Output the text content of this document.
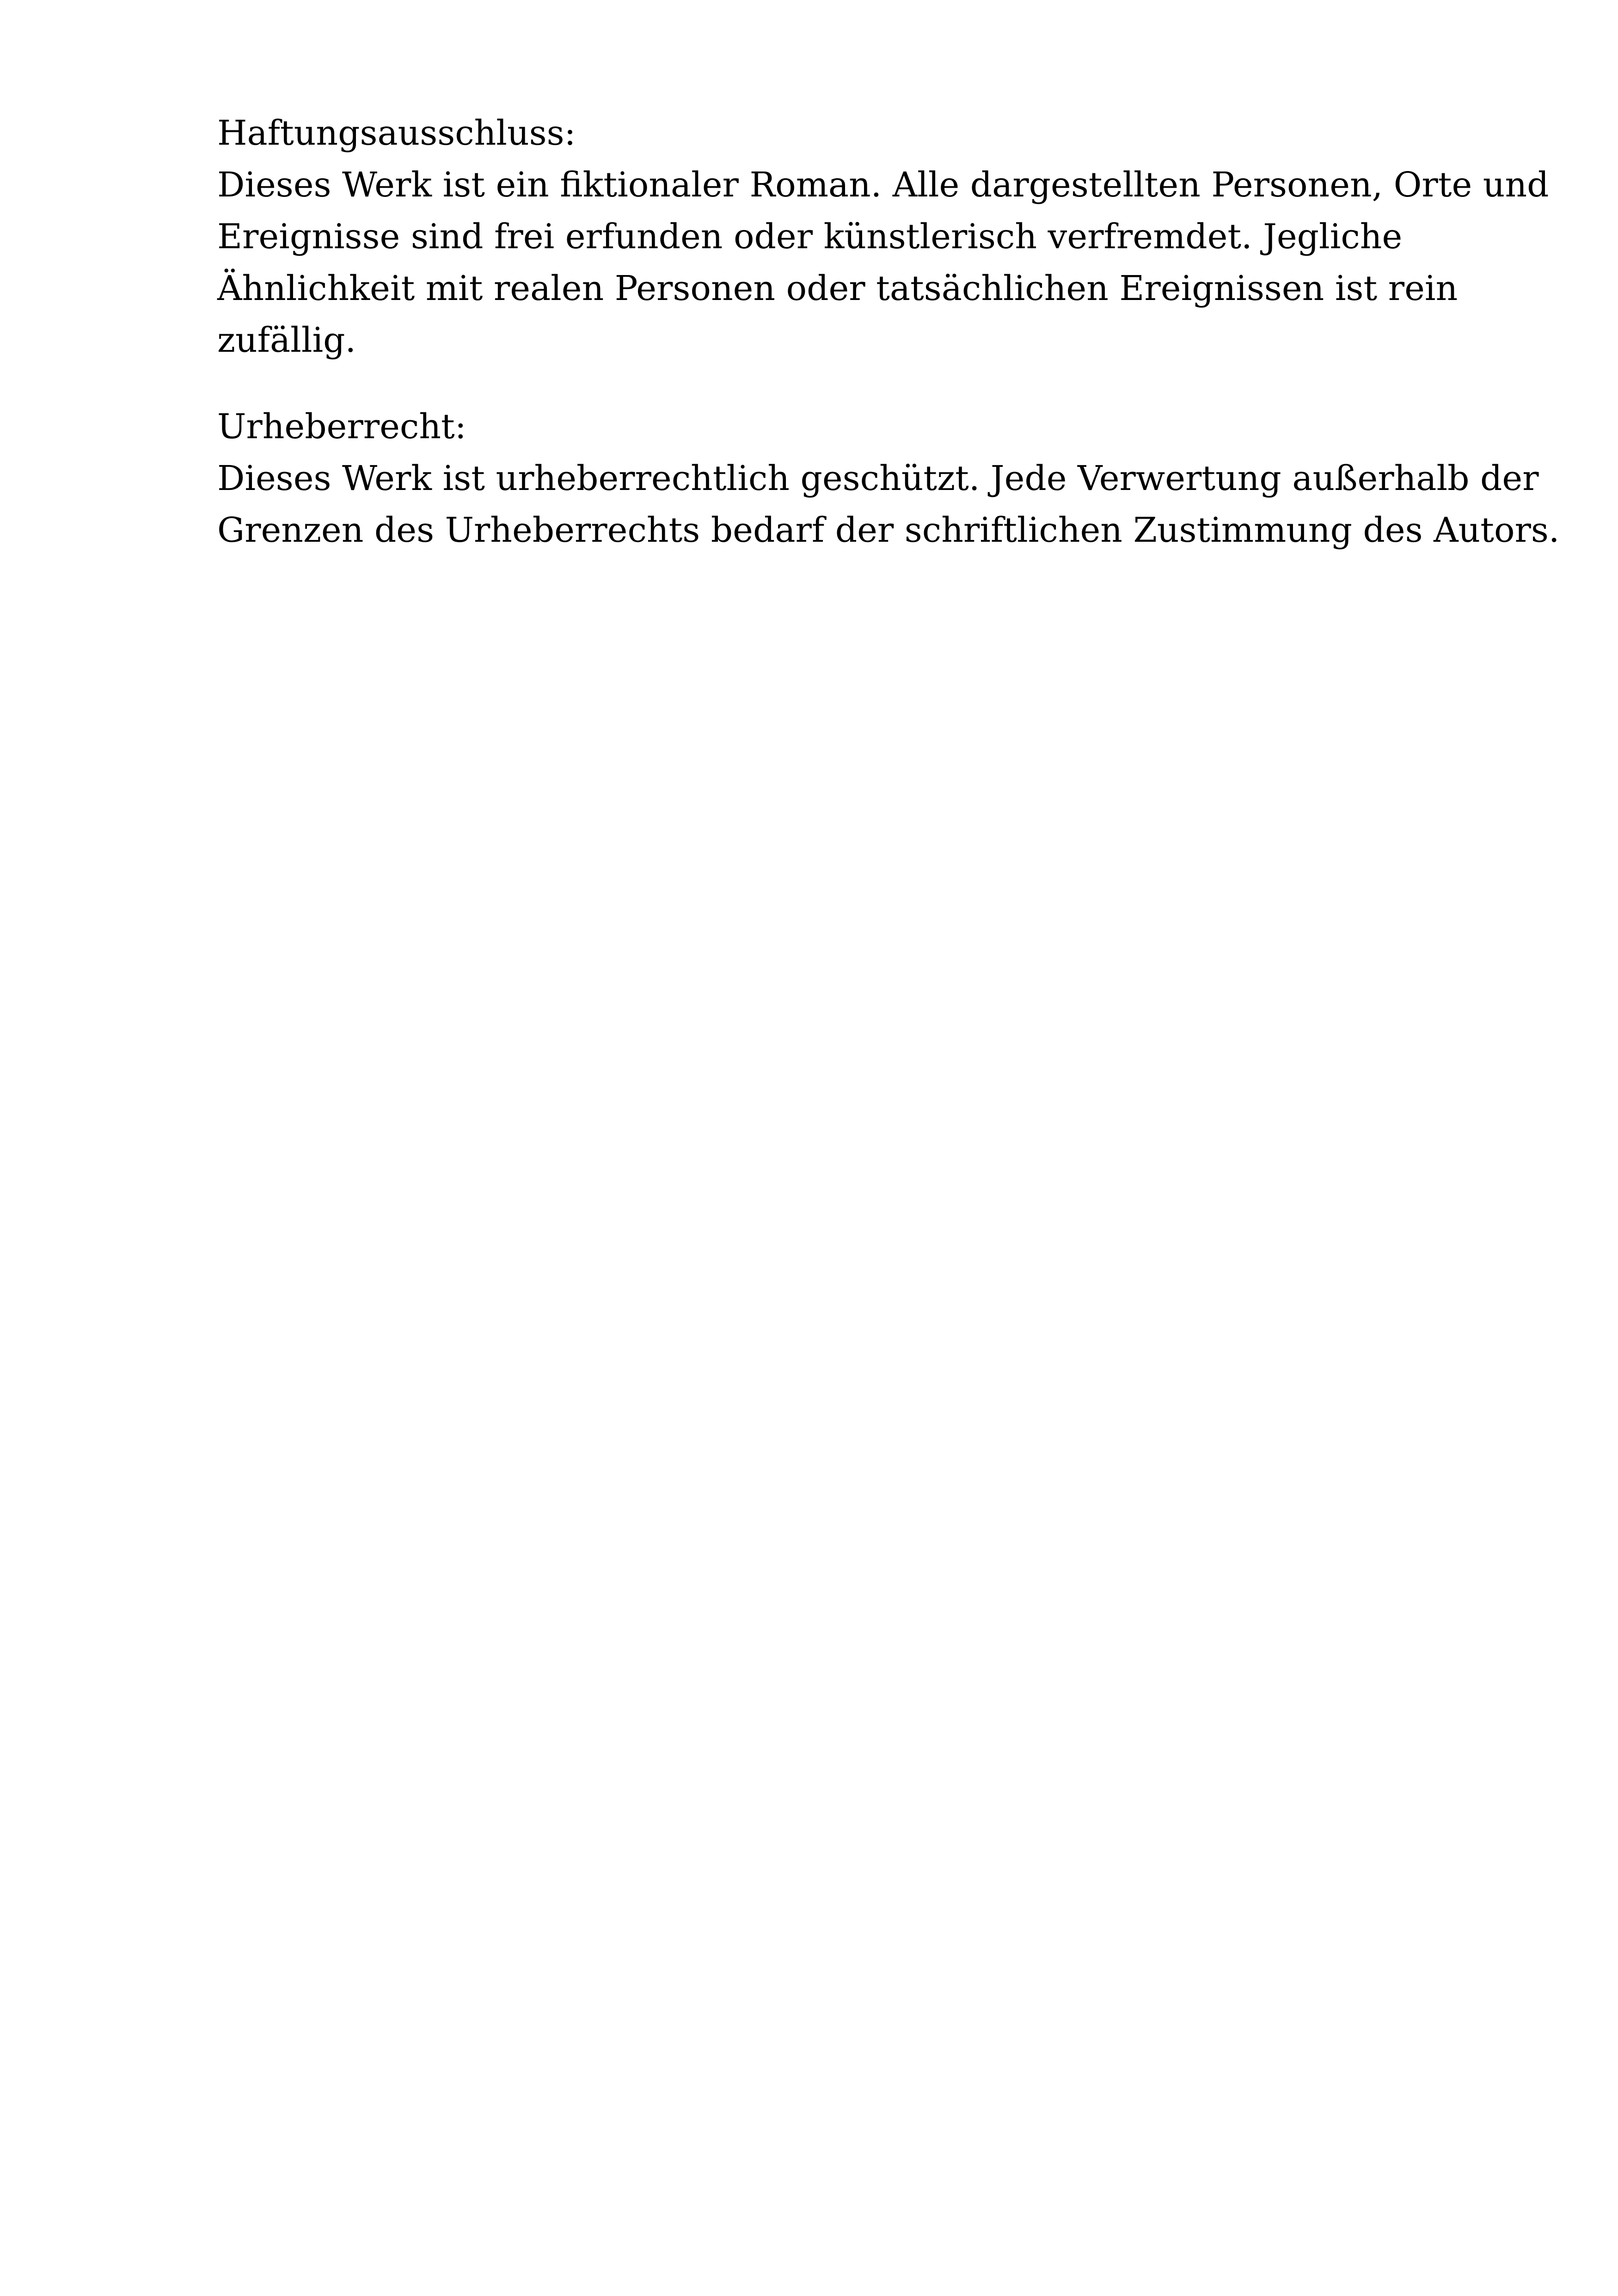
Haftungsausschluss:
Dieses Werk ist ein fiktionaler Roman. Alle dargestellten Personen, Orte und
Ereignisse sind frei erfunden oder künstlerisch verfremdet. Jegliche
Ähnlichkeit mit realen Personen oder tatsächlichen Ereignissen ist rein
zufällig.
Urheberrecht:
Dieses Werk ist urheberrechtlich geschützt. Jede Verwertung außerhalb der
Grenzen des Urheberrechts bedarf der schriftlichen Zustimmung des Autors.
